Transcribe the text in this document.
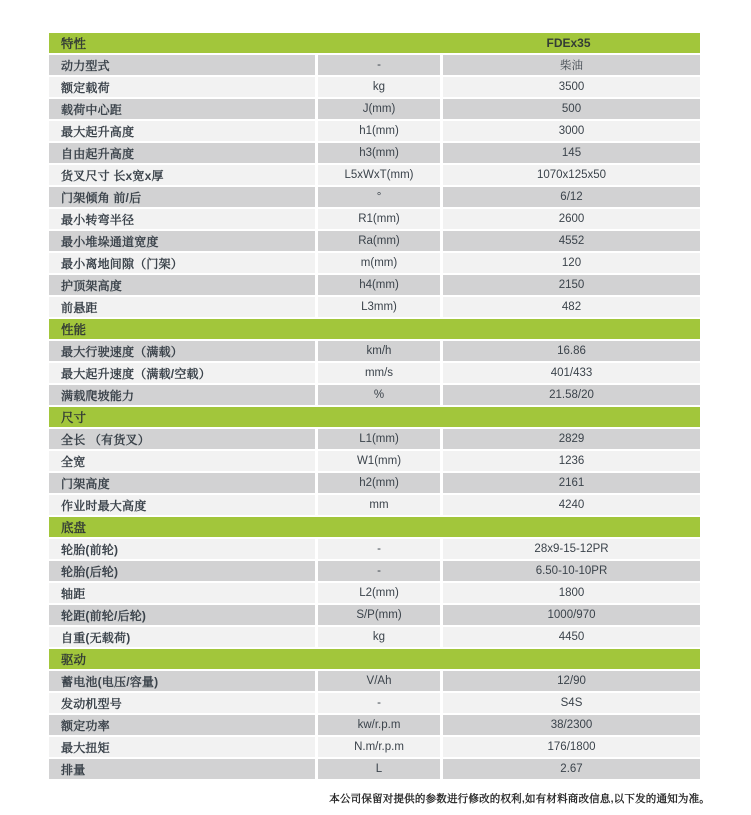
特性	FDEx35
动力型式	-	柴油
额定载荷	kg	3500
载荷中心距	J(mm)	500
最大起升高度	h1(mm)	3000
自由起升高度	h3(mm)	145
货叉尺寸 长x宽x厚	L5xWxT(mm)	1070x125x50
门架倾角 前/后	°	6/12
最小转弯半径	R1(mm)	2600
最小堆垛通道宽度	Ra(mm)	4552
最小离地间隙（门架）	m(mm)	120
护顶架高度	h4(mm)	2150
前悬距	L3mm)	482
性能
最大行驶速度（满载）	km/h	16.86
最大起升速度（满载/空载）	mm/s	401/433
满载爬坡能力	%	21.58/20
尺寸
全长 （有货叉）	L1(mm)	2829
全宽	W1(mm)	1236
门架高度	h2(mm)	2161
作业时最大高度	mm	4240
底盘
轮胎(前轮)	-	28x9-15-12PR
轮胎(后轮)	-	6.50-10-10PR
轴距	L2(mm)	1800
轮距(前轮/后轮)	S/P(mm)	1000/970
自重(无载荷)	kg	4450
驱动
蓄电池(电压/容量)	V/Ah	12/90
发动机型号	-	S4S
额定功率	kw/r.p.m	38/2300
最大扭矩	N.m/r.p.m	176/1800
排量	L	2.67
本公司保留对提供的参数进行修改的权利,如有材料商改信息,以下发的通知为准。
